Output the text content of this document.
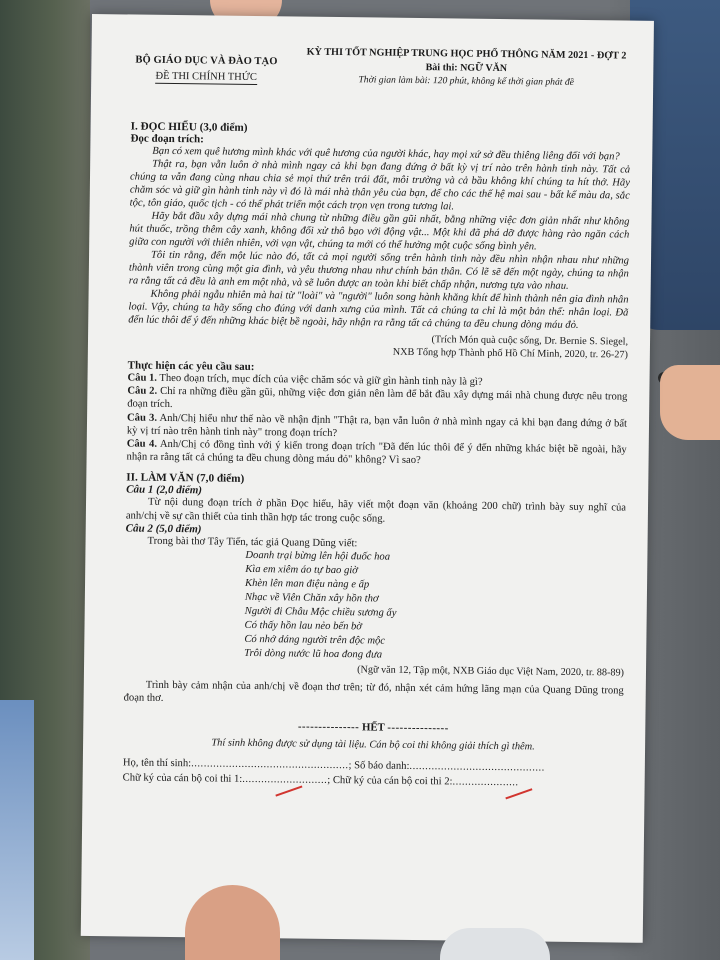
BỘ GIÁO DỤC VÀ ĐÀO TẠO
ĐỀ THI CHÍNH THỨC
KỲ THI TỐT NGHIỆP TRUNG HỌC PHỔ THÔNG NĂM 2021 - ĐỢT 2
Bài thi: NGỮ VĂN
Thời gian làm bài: 120 phút, không kể thời gian phát đề
I. ĐỌC HIỂU (3,0 điểm)
Đọc đoạn trích:

Bạn có xem quê hương mình khác với quê hương của người khác, hay mọi xứ sở đều thiêng liêng đối với bạn?

Thật ra, bạn vẫn luôn ở nhà mình ngay cả khi bạn đang đứng ở bất kỳ vị trí nào trên hành tinh này. Tất cả chúng ta vẫn đang cùng nhau chia sẻ mọi thứ trên trái đất, môi trường và cả bầu không khí chúng ta hít thở. Hãy chăm sóc và giữ gìn hành tinh này vì đó là mái nhà thân yêu của bạn, để cho các thế hệ mai sau - bất kể màu da, sắc tộc, tôn giáo, quốc tịch - có thể phát triển một cách trọn vẹn trong tương lai.

Hãy bắt đầu xây dựng mái nhà chung từ những điều gần gũi nhất, bằng những việc đơn giản nhất như không hút thuốc, trồng thêm cây xanh, không đối xử thô bạo với động vật... Một khi đã phá dỡ được hàng rào ngăn cách giữa con người với thiên nhiên, với vạn vật, chúng ta mới có thể hưởng một cuộc sống bình yên.

Tôi tin rằng, đến một lúc nào đó, tất cả mọi người sống trên hành tinh này đều nhìn nhận nhau như những thành viên trong cùng một gia đình, và yêu thương nhau như chính bản thân. Có lẽ sẽ đến một ngày, chúng ta nhận ra rằng tất cả đều là anh em một nhà, và sẽ luôn được an toàn khi biết chấp nhận, nương tựa vào nhau.

Không phải ngẫu nhiên mà hai từ "loài" và "người" luôn song hành khăng khít để hình thành nên gia đình nhân loại. Vậy, chúng ta hãy sống cho đúng với danh xưng của mình. Tất cả chúng ta chỉ là một bản thể: nhân loại. Đã đến lúc thôi để ý đến những khác biệt bề ngoài, hãy nhận ra rằng tất cả chúng ta đều chung dòng máu đỏ.

(Trích Món quà cuộc sống, Dr. Bernie S. Siegel,
NXB Tổng hợp Thành phố Hồ Chí Minh, 2020, tr. 26-27)
Thực hiện các yêu cầu sau:

Câu 1. Theo đoạn trích, mục đích của việc chăm sóc và giữ gìn hành tinh này là gì?

Câu 2. Chỉ ra những điều gần gũi, những việc đơn giản nên làm để bắt đầu xây dựng mái nhà chung được nêu trong đoạn trích.

Câu 3. Anh/Chị hiểu như thế nào về nhận định "Thật ra, bạn vẫn luôn ở nhà mình ngay cả khi bạn đang đứng ở bất kỳ vị trí nào trên hành tinh này" trong đoạn trích?

Câu 4. Anh/Chị có đồng tình với ý kiến trong đoạn trích "Đã đến lúc thôi để ý đến những khác biệt bề ngoài, hãy nhận ra rằng tất cả chúng ta đều chung dòng máu đỏ" không? Vì sao?

II. LÀM VĂN (7,0 điểm)
Câu 1 (2,0 điểm)

Từ nội dung đoạn trích ở phần Đọc hiểu, hãy viết một đoạn văn (khoảng 200 chữ) trình bày suy nghĩ của anh/chị về sự cần thiết của tinh thần hợp tác trong cuộc sống.

Câu 2 (5,0 điểm)

Trong bài thơ Tây Tiến, tác giả Quang Dũng viết:

Doanh trại bừng lên hội đuốc hoa
Kìa em xiêm áo tự bao giờ
Khèn lên man điệu nàng e ấp
Nhạc về Viên Chăn xây hồn thơ
Người đi Châu Mộc chiều sương ấy
Có thấy hồn lau nẻo bến bờ
Có nhớ dáng người trên độc mộc
Trôi dòng nước lũ hoa đong đưa
(Ngữ văn 12, Tập một, NXB Giáo dục Việt Nam, 2020, tr. 88-89)

Trình bày cảm nhận của anh/chị về đoạn thơ trên; từ đó, nhận xét cảm hứng lãng mạn của Quang Dũng trong đoạn thơ.

--------------- HẾT ---------------
Thí sinh không được sử dụng tài liệu. Cán bộ coi thi không giải thích gì thêm.
Họ, tên thí sinh:..................................................; Số báo danh:...........................................
Chữ ký của cán bộ coi thi 1:...........................; Chữ ký của cán bộ coi thi 2:.....................
